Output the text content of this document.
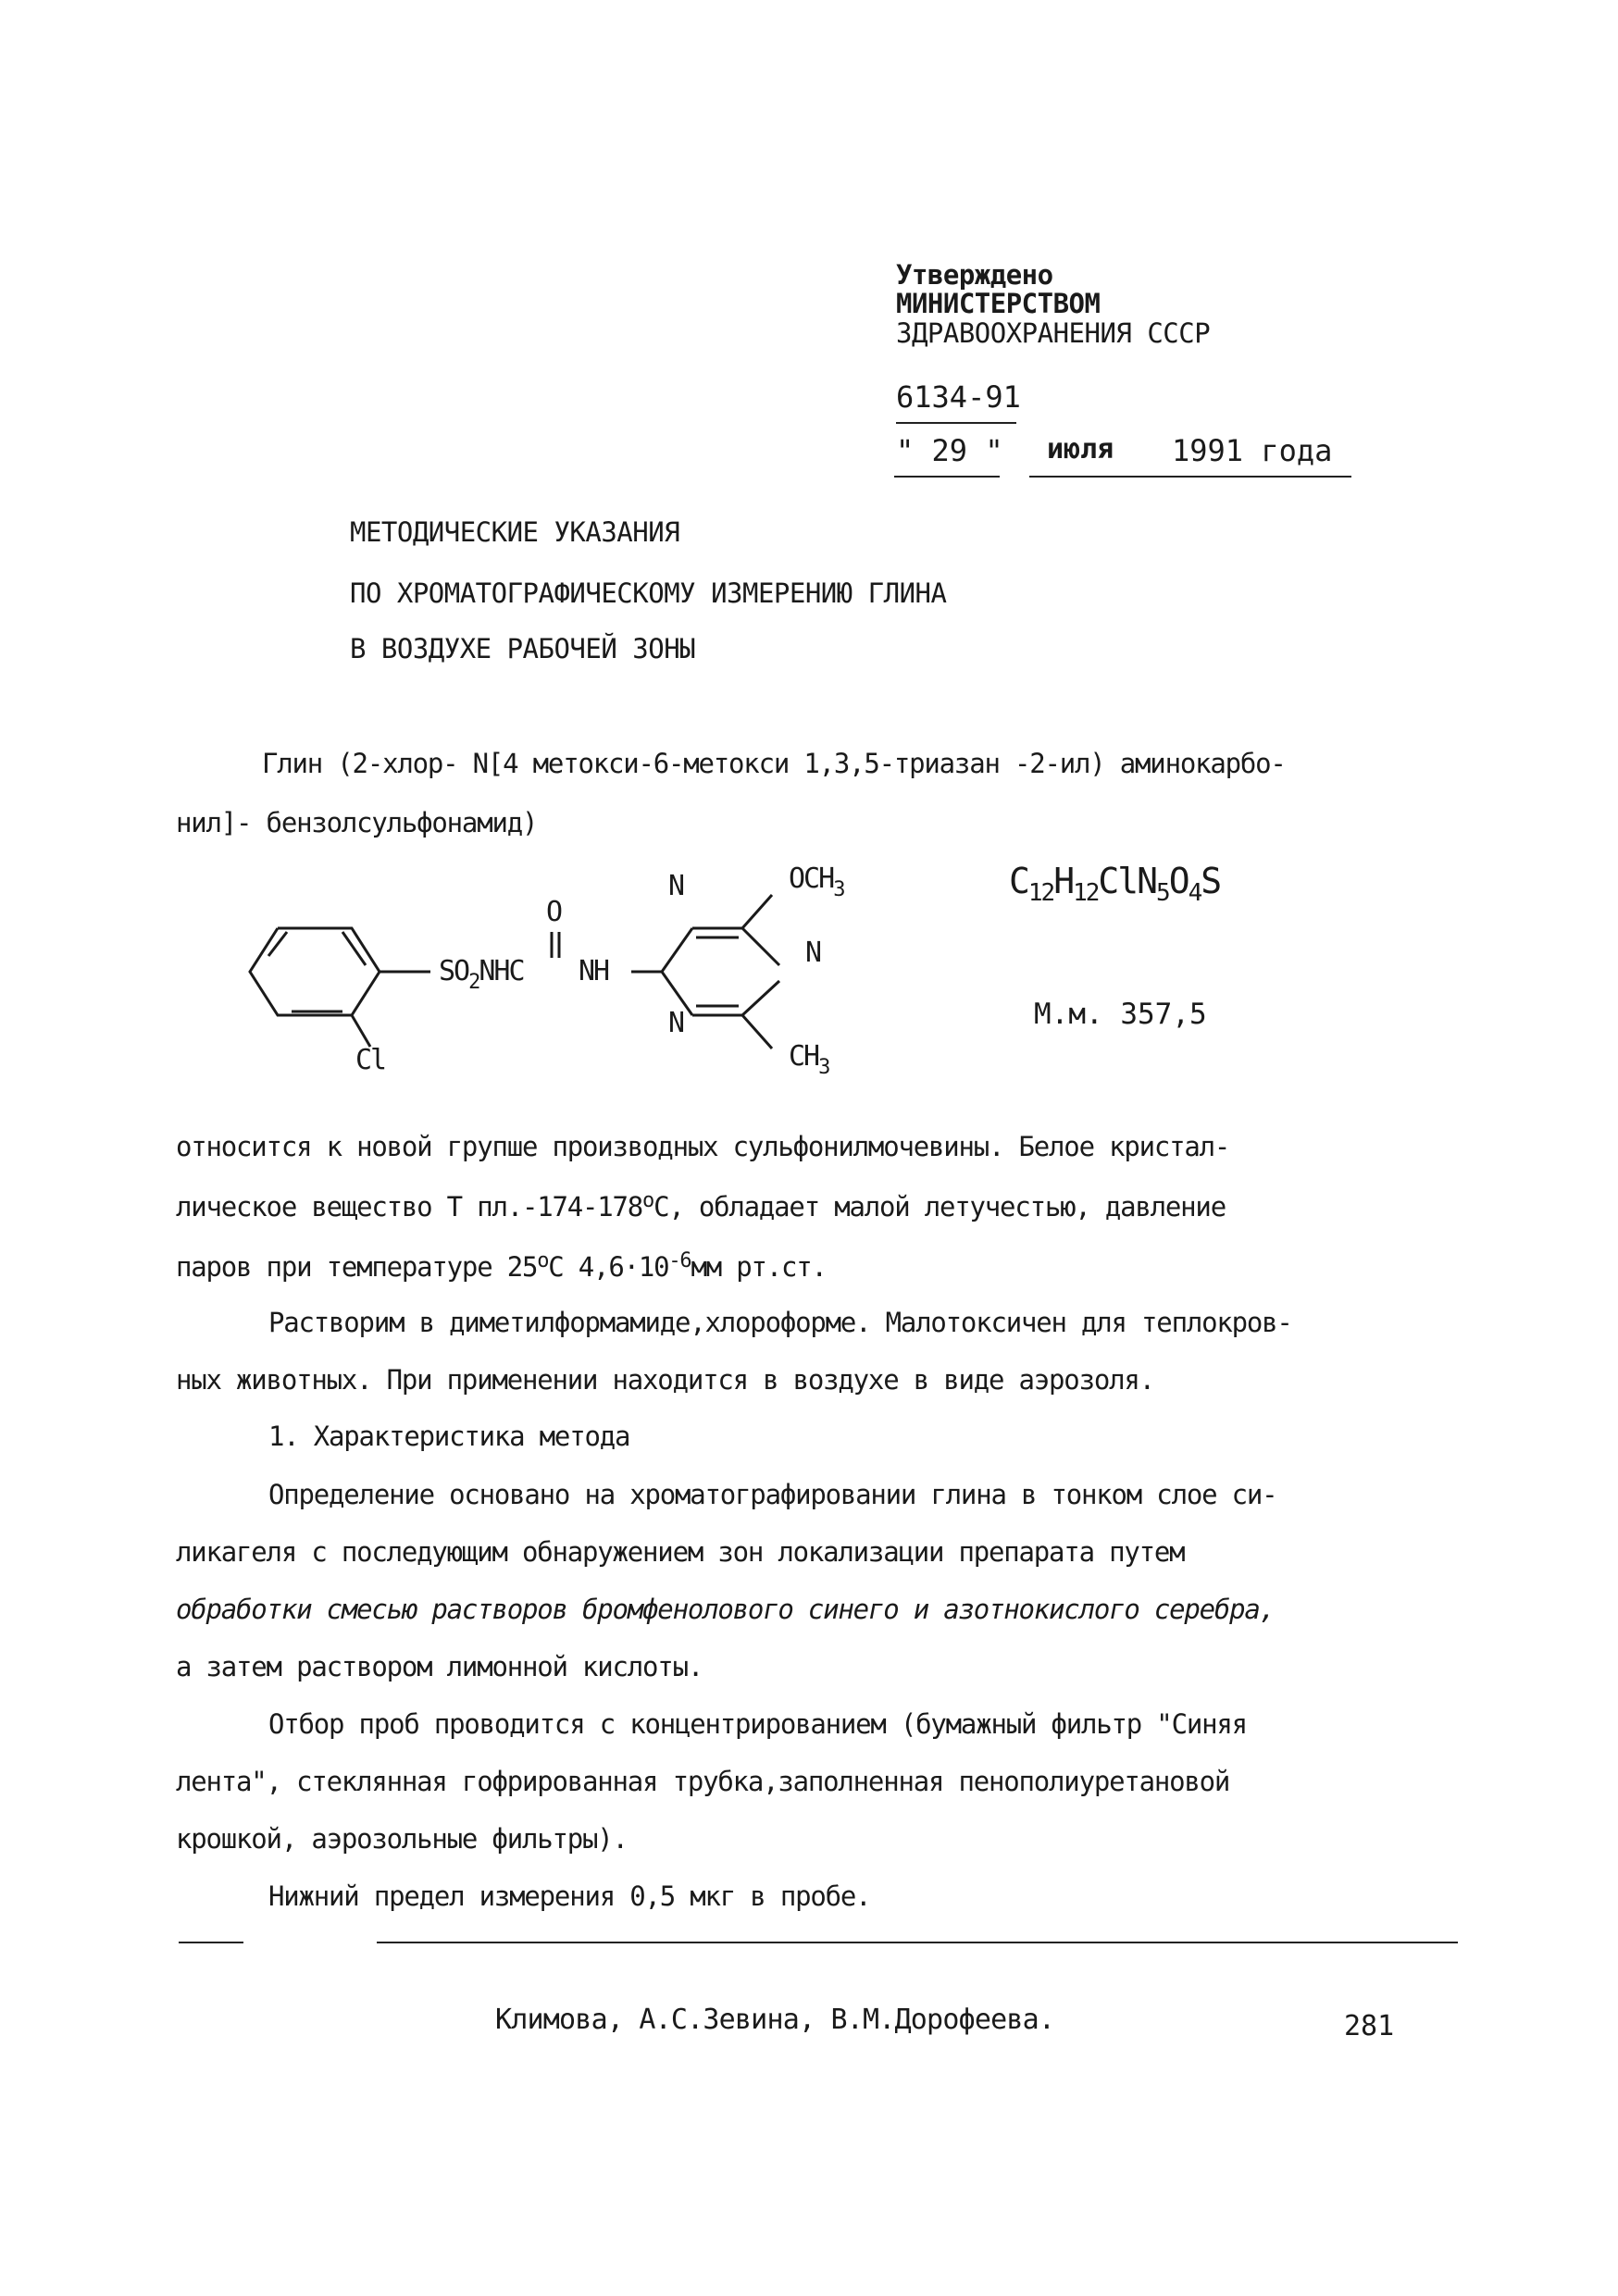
Утверждено
МИНИСТЕРСТВОМ
ЗДРАВООХРАНЕНИЯ СССР
6134-91
" 29 " июля 1991 года
МЕТОДИЧЕСКИЕ УКАЗАНИЯ
ПО ХРОМАТОГРАФИЧЕСКОМУ ИЗМЕРЕНИЮ ГЛИНА
В ВОЗДУХЕ РАБОЧЕЙ ЗОНЫ
Глин (2-хлор- N[4 метокси-6-метокси 1,3,5-триазан -2-ил) аминокарбо-
нил]- бензолсульфонамид)
O
$SO_2NHC$ NH
N	$OCH_3$
N
N
$CH_3$
Cl
$C_{12}H_{12}ClN_5O_4S$
М.м. 357,5
относится к новой групше производных сульфонилмочевины. Белое кристал-
лическое вещество Т $пл.-174-178^оС$, обладает малой летучестью, давление
паров при температуре $25^оС$ $4,6\cdot 10^{-6}мм$ рт.ст.
Растворим в диметилформамиде,хлороформе. Малотоксичен для теплокров-
ных животных. При применении находится в воздухе в виде аэрозоля.
1. Характеристика метода
Определение основано на хроматографировании глина в тонком слое си-
ликагеля с последующим обнаружением зон локализации препарата путем
обработки смесью растворов бромфенолового синего и азотнокислого серебра,
а затем раствором лимонной кислоты.
Отбор проб проводится с концентрированием (бумажный фильтр "Синяя
лента", стеклянная гофрированная трубка,заполненная пенополиуретановой
крошкой, аэрозольные фильтры).
Нижний предел измерения 0,5 мкг в пробе.
Климова, А.С.Зевина, В.М.Дорофеева.	281
